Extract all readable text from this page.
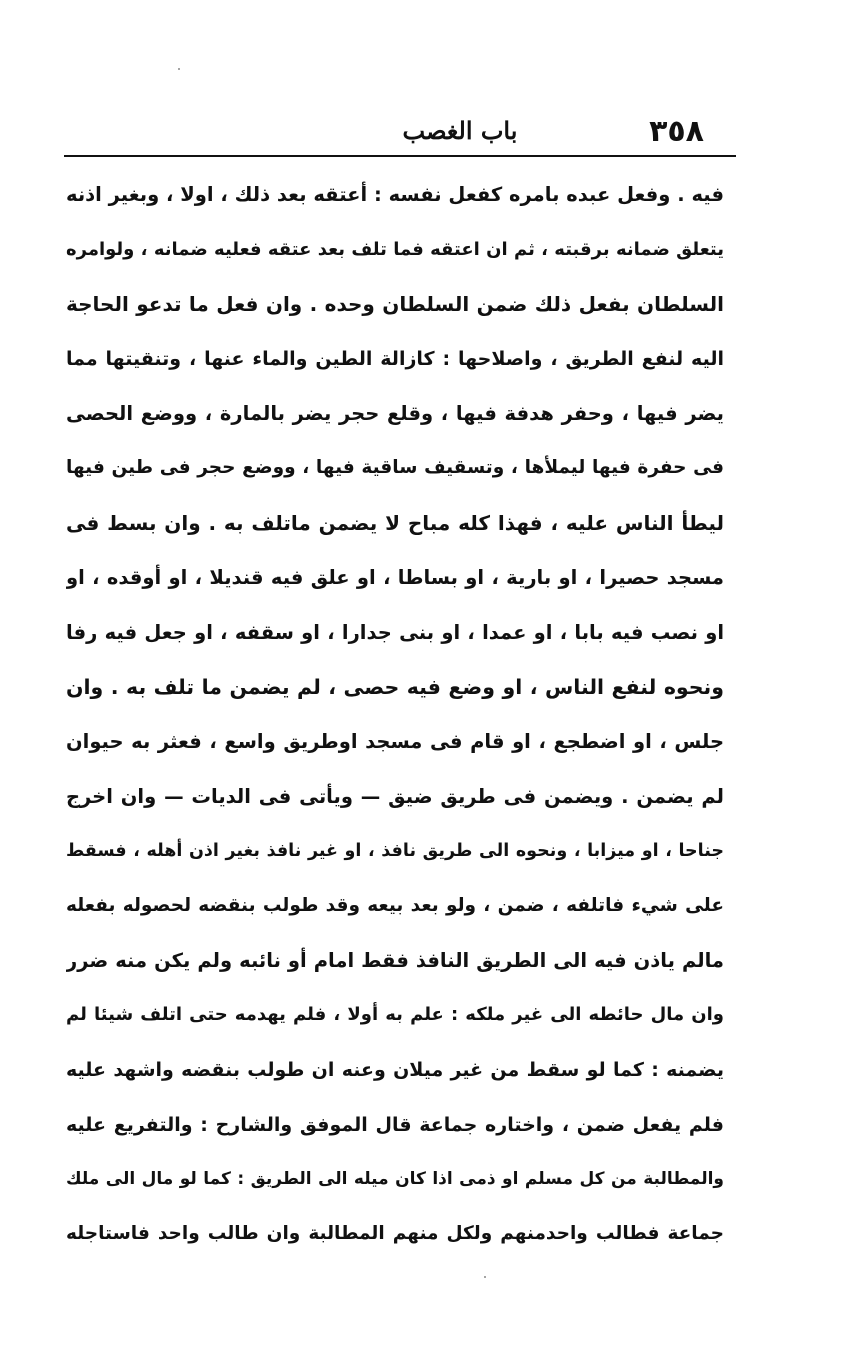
٣٥٨
باب الغصب
فيه . وفعل عبده بامره كفعل نفسه : أعتقه بعد ذلك ، اولا ، وبغير اذنه
يتعلق ضمانه برقبته ، ثم ان اعتقه فما تلف بعد عتقه فعليه ضمانه ، ولوامره
السلطان بفعل ذلك ضمن السلطان وحده . وان فعل ما تدعو الحاجة
اليه لنفع الطريق ، واصلاحها : كازالة الطين والماء عنها ، وتنقيتها مما
يضر فيها ، وحفر هدفة فيها ، وقلع حجر يضر بالمارة ، ووضع الحصى
فى حفرة فيها ليملأها ، وتسقيف ساقية فيها ، ووضع حجر فى طين فيها
ليطأ الناس عليه ، فهذا كله مباح لا يضمن ماتلف به . وان بسط فى
مسجد حصيرا ، او بارية ، او بساطا ، او علق فيه قنديلا ، او أوقده ، او
او نصب فيه بابا ، او عمدا ، او بنى جدارا ، او سقفه ، او جعل فيه رفا
ونحوه لنفع الناس ، او وضع فيه حصى ، لم يضمن ما تلف به . وان
جلس ، او اضطجع ، او قام فى مسجد اوطريق واسع ، فعثر به حيوان
لم يضمن . ويضمن فى طريق ضيق — ويأتى فى الديات — وان اخرج
جناحا ، او ميزابا ، ونحوه الى طريق نافذ ، او غير نافذ بغير اذن أهله ، فسقط
على شيء فاتلفه ، ضمن ، ولو بعد بيعه وقد طولب بنقضه لحصوله بفعله
مالم ياذن فيه الى الطريق النافذ فقط امام أو نائبه ولم يكن منه ضرر
وان مال حائطه الى غير ملكه : علم به أولا ، فلم يهدمه حتى اتلف شيئا لم
يضمنه : كما لو سقط من غير ميلان وعنه ان طولب بنقضه واشهد عليه
فلم يفعل ضمن ، واختاره جماعة قال الموفق والشارح : والتفريع عليه
والمطالبة من كل مسلم او ذمى اذا كان ميله الى الطريق : كما لو مال الى ملك
جماعة فطالب واحدمنهم ولكل منهم المطالبة وان طالب واحد فاستاجله
